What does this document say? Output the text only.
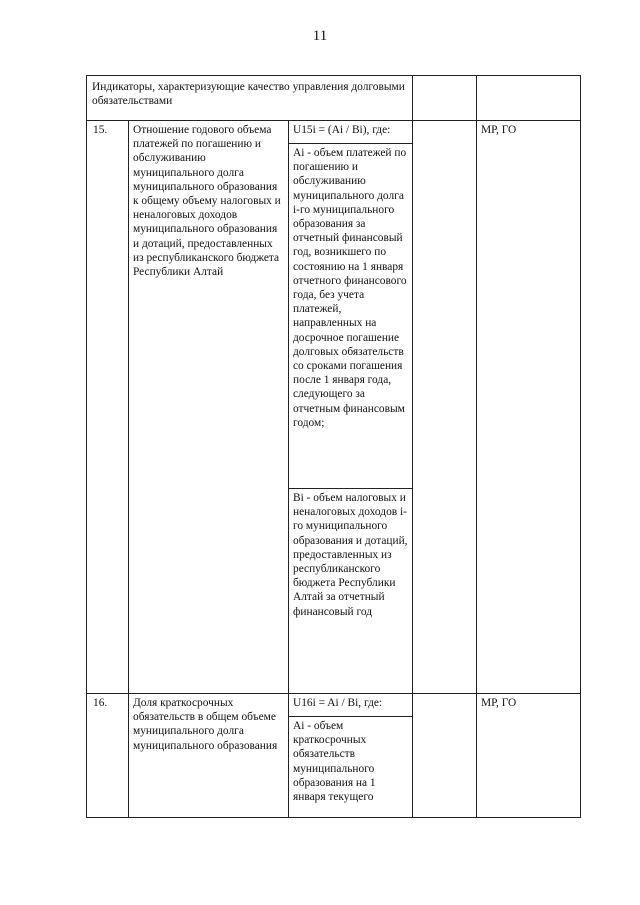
11
Индикаторы, характеризующие качество управления долговыми обязательствами				

15.	Отношение годового объема платежей по погашению и обслуживанию муниципального долга муниципального образования к общему объему налоговых и неналоговых доходов муниципального образования и дотаций, предоставленных из республиканского бюджета Республики Алтай	U15i = (Ai / Bi), где:		МР, ГО

		Ai - объем платежей по погашению и обслуживанию муниципального долга i-го муниципального образования за отчетный финансовый год, возникшего по состоянию на 1 января отчетного финансового года, без учета платежей, направленных на досрочное погашение долговых обязательств со сроками погашения после 1 января года, следующего за отчетным финансовым годом;		

		Bi - объем налоговых и неналоговых доходов i-го муниципального образования и дотаций, предоставленных из республиканского бюджета Республики Алтай за отчетный финансовый год		

16.	Доля краткосрочных обязательств в общем объеме муниципального долга муниципального образования	U16i = Ai / Bi, где:		МР, ГО

		Ai - объем краткосрочных обязательств муниципального образования на 1 января текущего		
